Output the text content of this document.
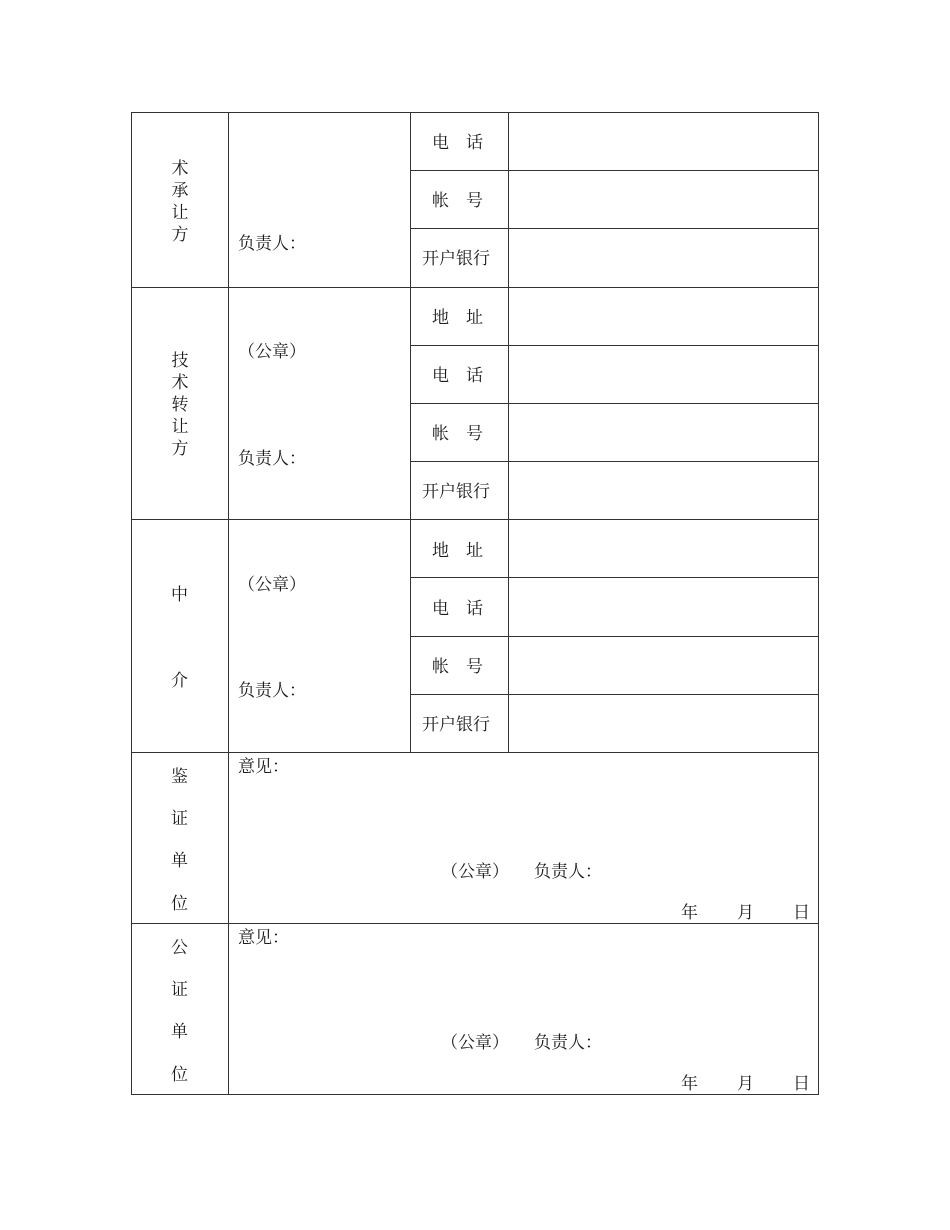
术承让方	负责人：
电　话
帐　号
开户银行
技术转让方
（公章）
负责人：
地　址
电　话
帐　号
开户银行
中
介
（公章）
负责人：
地　址
电　话
帐　号
开户银行
鉴
证
单
位
意见：
（公章） 负责人：
年 月 日
公
证
单
位
意见：
（公章） 负责人：
年 月 日
